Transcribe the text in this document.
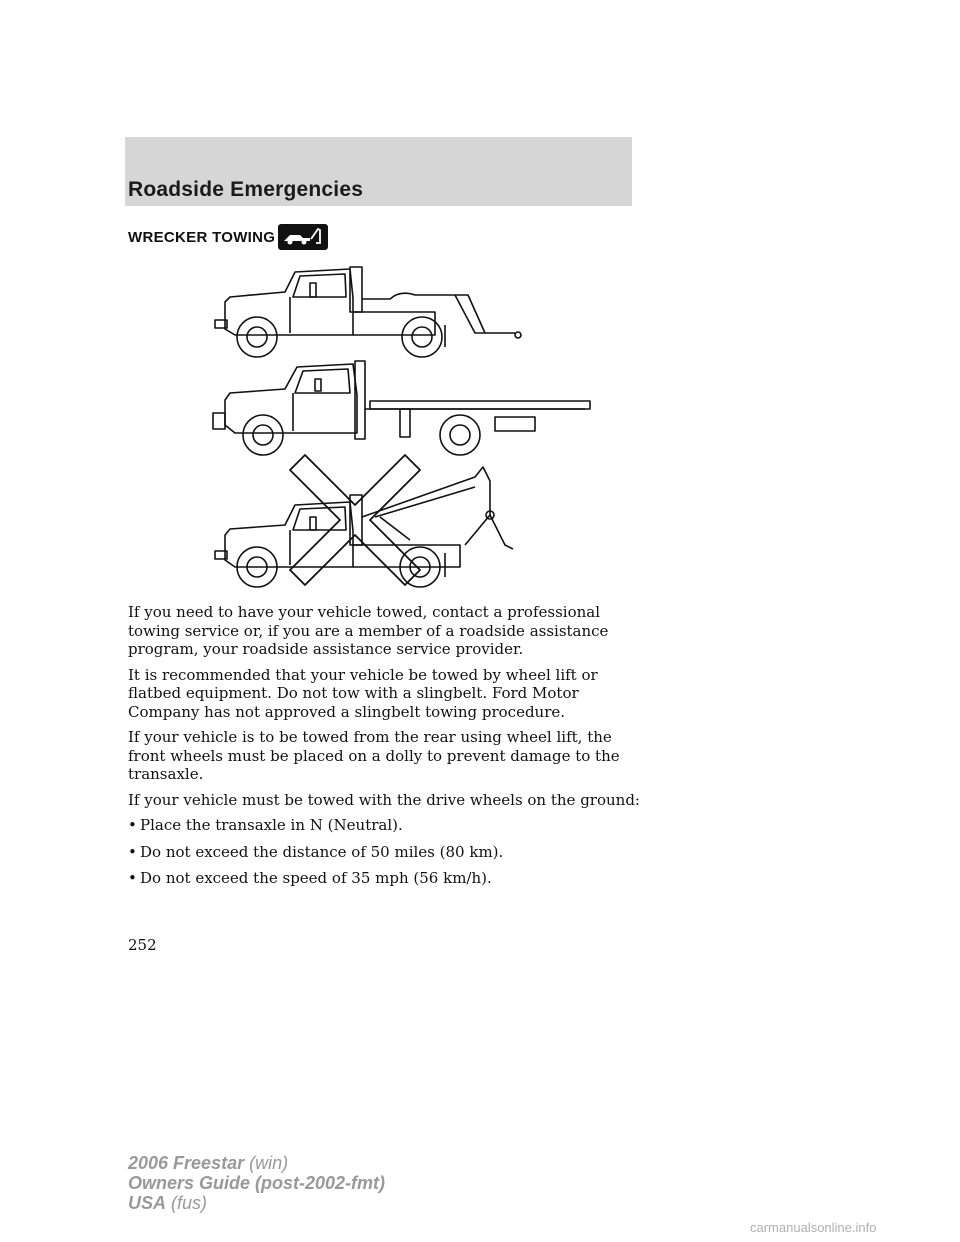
Roadside Emergencies
WRECKER TOWING

If you need to have your vehicle towed, contact a professional towing service or, if you are a member of a roadside assistance program, your roadside assistance service provider.

It is recommended that your vehicle be towed by wheel lift or flatbed equipment. Do not tow with a slingbelt. Ford Motor Company has not approved a slingbelt towing procedure.

If your vehicle is to be towed from the rear using wheel lift, the front wheels must be placed on a dolly to prevent damage to the transaxle.

If your vehicle must be towed with the drive wheels on the ground:

• Place the transaxle in N (Neutral).
• Do not exceed the distance of 50 miles (80 km).
• Do not exceed the speed of 35 mph (56 km/h).
252
2006 Freestar (win)
Owners Guide (post-2002-fmt)
USA (fus)
carmanualsonline.info
